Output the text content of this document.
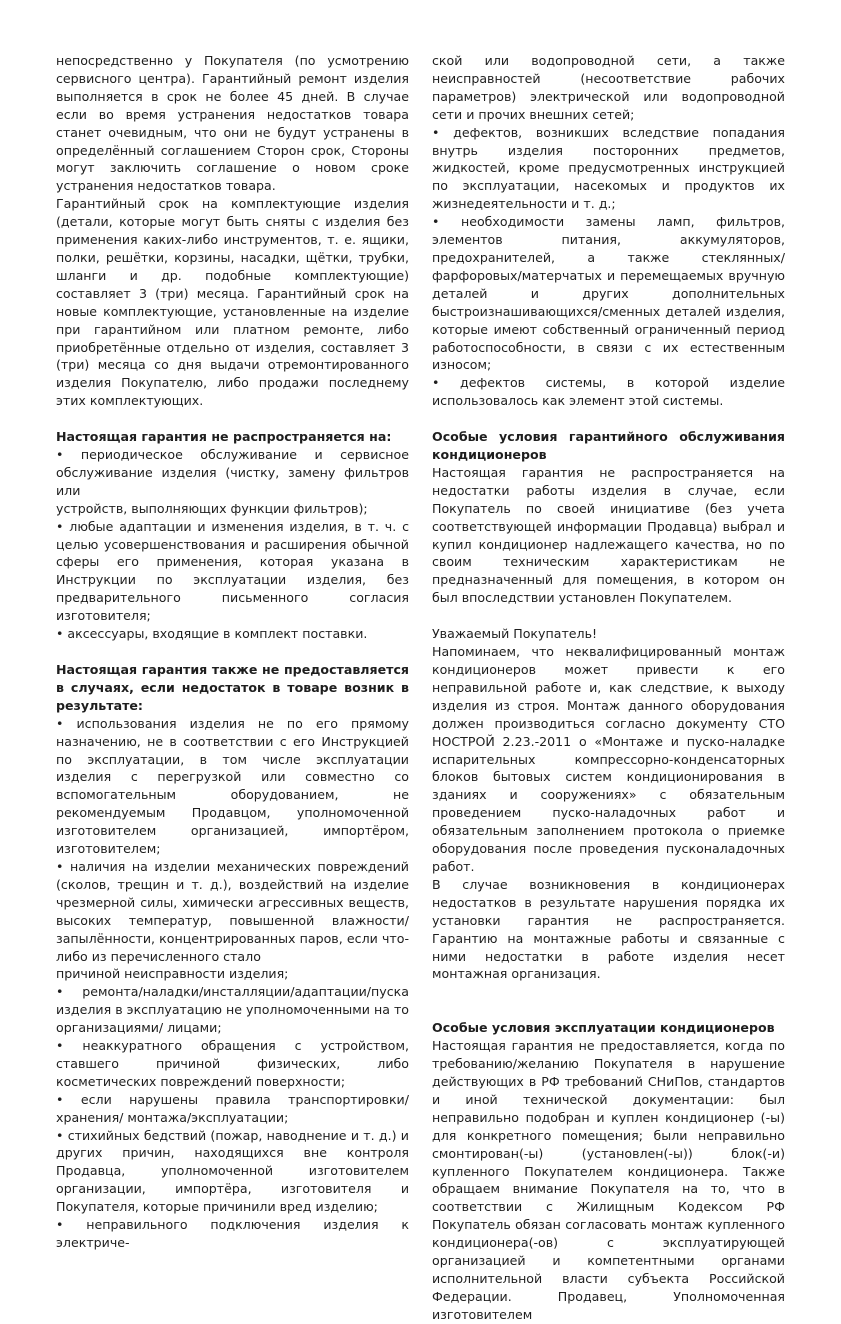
непосредственно у Покупателя (по усмотрению сервисного центра). Гарантийный ремонт изделия выполняется в срок не более 45 дней. В случае если во время устранения недостатков товара станет очевидным, что они не будут устранены в определённый соглашением Сторон срок, Стороны могут заключить соглашение о новом сроке устранения недостатков товара.

Гарантийный срок на комплектующие изделия (детали, которые могут быть сняты с изделия без применения каких-либо инструментов, т. е. ящики, полки, решётки, корзины, насадки, щётки, трубки, шланги и др. подобные комплектующие) составляет 3 (три) месяца. Гарантийный срок на новые комплектующие, установленные на изделие при гарантийном или платном ремонте, либо приобретённые отдельно от изделия, составляет 3 (три) месяца со дня выдачи отремонтированного изделия Покупателю, либо продажи последнему этих комплектующих.

Настоящая гарантия не распространяется на:

• периодическое обслуживание и сервисное обслуживание изделия (чистку, замену фильтров или

устройств, выполняющих функции фильтров);

• любые адаптации и изменения изделия, в т. ч. с целью усовершенствования и расширения обычной сферы его применения, которая указана в Инструкции по эксплуатации изделия, без предварительного письменного согласия изготовителя;

• аксессуары, входящие в комплект поставки.

Настоящая гарантия также не предоставляется в случаях, если недостаток в товаре возник в результате:

• использования изделия не по его прямому назначению, не в соответствии с его Инструкцией по эксплуатации, в том числе эксплуатации изделия с перегрузкой или совместно со вспомогательным оборудованием, не рекомендуемым Продавцом, уполномоченной изготовителем организацией, импортёром, изготовителем;

• наличия на изделии механических повреждений (сколов, трещин и т. д.), воздействий на изделие чрезмерной силы, химически агрессивных веществ, высоких температур, повышенной влажности/запылённости, концентрированных паров, если что-либо из перечисленного стало

причиной неисправности изделия;

• ремонта/наладки/инсталляции/адаптации/пуска изделия в эксплуатацию не уполномоченными на то организациями/ лицами;

• неаккуратного обращения с устройством, ставшего причиной физических, либо косметических повреждений поверхности;

• если нарушены правила транспортировки/хранения/ монтажа/эксплуатации;

• стихийных бедствий (пожар, наводнение и т. д.) и других причин, находящихся вне контроля Продавца, уполномоченной изготовителем организации, импортёра, изготовителя и Покупателя, которые причинили вред изделию;

• неправильного подключения изделия к электриче-

ской или водопроводной сети, а также неисправностей (несоответствие рабочих параметров) электрической или водопроводной сети и прочих внешних сетей;

• дефектов, возникших вследствие попадания внутрь изделия посторонних предметов, жидкостей, кроме предусмотренных инструкцией по эксплуатации, насекомых и продуктов их жизнедеятельности и т. д.;

• необходимости замены ламп, фильтров, элементов питания, аккумуляторов, предохранителей, а также стеклянных/фарфоровых/матерчатых и перемещаемых вручную деталей и других дополнительных быстроизнашивающихся/сменных деталей изделия, которые имеют собственный ограниченный период работоспособности, в связи с их естественным износом;

• дефектов системы, в которой изделие использовалось как элемент этой системы.

Особые условия гарантийного обслуживания кондиционеров

Настоящая гарантия не распространяется на недостатки работы изделия в случае, если Покупатель по своей инициативе (без учета соответствующей информации Продавца) выбрал и купил кондиционер надлежащего качества, но по своим техническим характеристикам не предназначенный для помещения, в котором он был впоследствии установлен Покупателем.

Уважаемый Покупатель!

Напоминаем, что неквалифицированный монтаж кондиционеров может привести к его неправильной работе и, как следствие, к выходу изделия из строя. Монтаж данного оборудования должен производиться согласно документу СТО НОСТРОЙ 2.23.-2011 о «Монтаже и пуско-наладке испарительных компрессорно-конденсаторных блоков бытовых систем кондиционирования в зданиях и сооружениях» с обязательным проведением пуско-наладочных работ и обязательным заполнением протокола о приемке оборудования после проведения пусконаладочных работ.

В случае возникновения в кондиционерах недостатков в результате нарушения порядка их установки гарантия не распространяется. Гарантию на монтажные работы и связанные с ними недостатки в работе изделия несет монтажная организация.

Особые условия эксплуатации кондиционеров

Настоящая гарантия не предоставляется, когда по требованию/желанию Покупателя в нарушение действующих в РФ требований СНиПов, стандартов и иной технической документации: был неправильно подобран и куплен кондиционер (-ы) для конкретного помещения; были неправильно смонтирован(-ы) (установлен(-ы)) блок(-и) купленного Покупателем кондиционера. Также обращаем внимание Покупателя на то, что в соответствии с Жилищным Кодексом РФ Покупатель обязан согласовать монтаж купленного кондиционера(-ов) с эксплуатирующей организацией и компетентными органами исполнительной власти субъекта Российской Федерации. Продавец, Уполномоченная изготовителем
